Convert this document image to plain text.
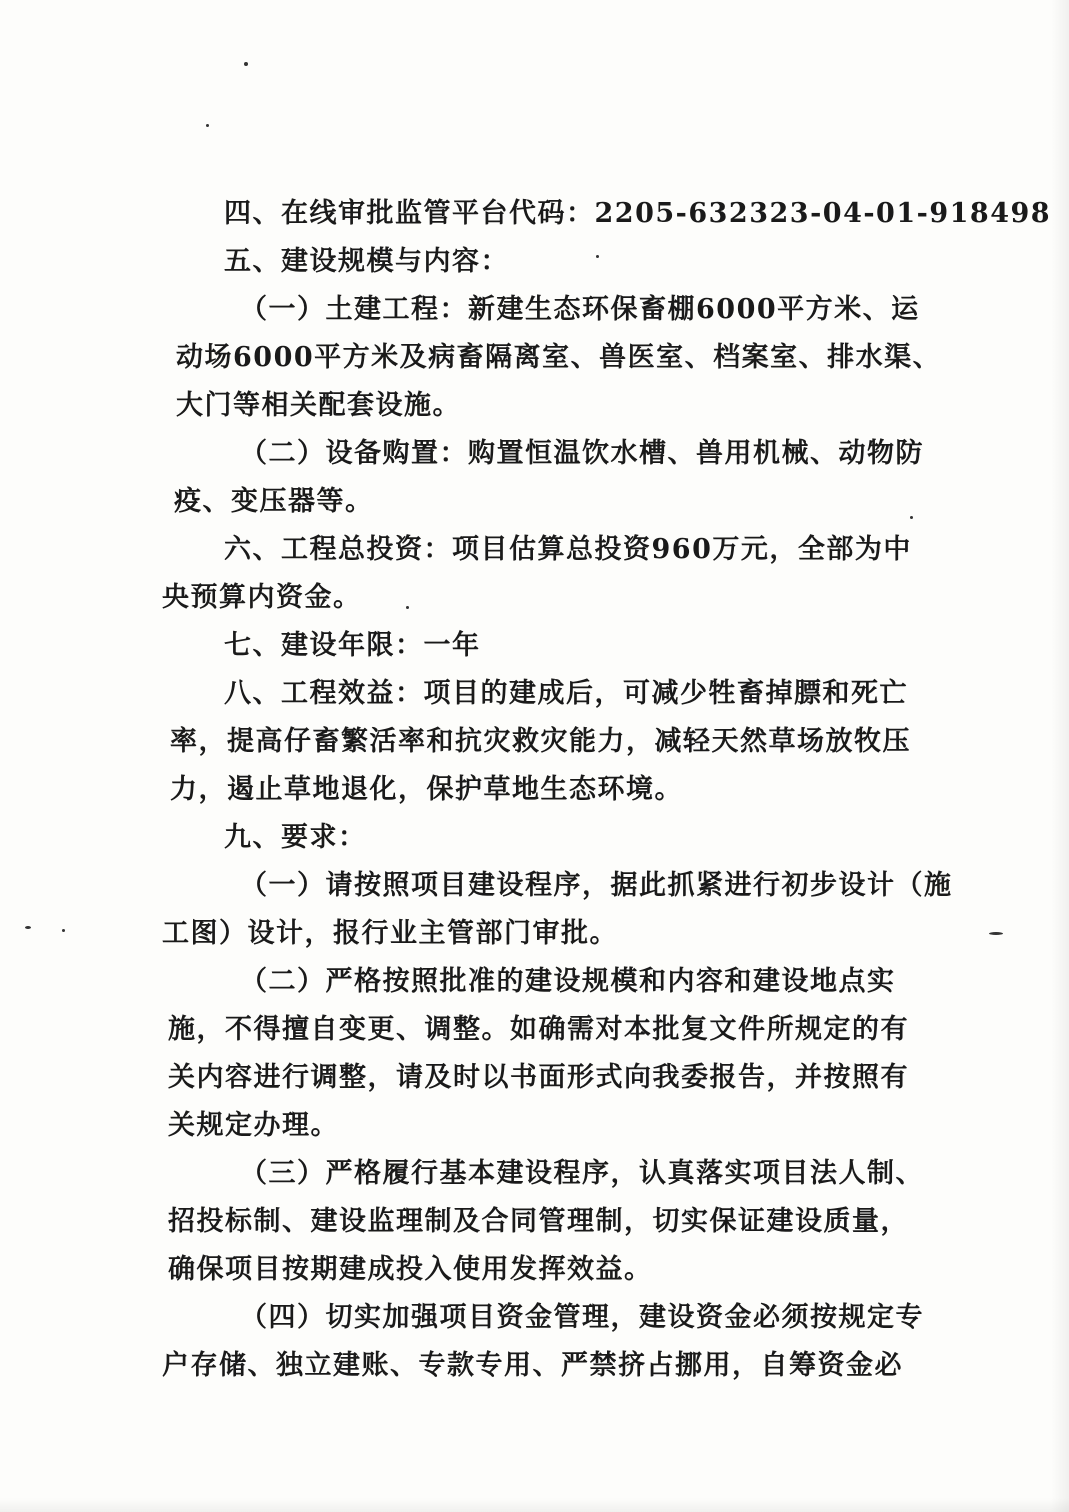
四、在线审批监管平台代码：2205-632323-04-01-918498

五、建设规模与内容：

（一）土建工程：新建生态环保畜棚6000平方米、运

动场6000平方米及病畜隔离室、兽医室、档案室、排水渠、

大门等相关配套设施。

（二）设备购置：购置恒温饮水槽、兽用机械、动物防

疫、变压器等。

六、工程总投资：项目估算总投资960万元，全部为中

央预算内资金。

七、建设年限：一年

八、工程效益：项目的建成后，可减少牲畜掉膘和死亡

率，提高仔畜繁活率和抗灾救灾能力，减轻天然草场放牧压

力，遏止草地退化，保护草地生态环境。

九、要求：

（一）请按照项目建设程序，据此抓紧进行初步设计（施

工图）设计，报行业主管部门审批。

（二）严格按照批准的建设规模和内容和建设地点实

施，不得擅自变更、调整。如确需对本批复文件所规定的有

关内容进行调整，请及时以书面形式向我委报告，并按照有

关规定办理。

（三）严格履行基本建设程序，认真落实项目法人制、

招投标制、建设监理制及合同管理制，切实保证建设质量，

确保项目按期建成投入使用发挥效益。

（四）切实加强项目资金管理，建设资金必须按规定专

户存储、独立建账、专款专用、严禁挤占挪用，自筹资金必
